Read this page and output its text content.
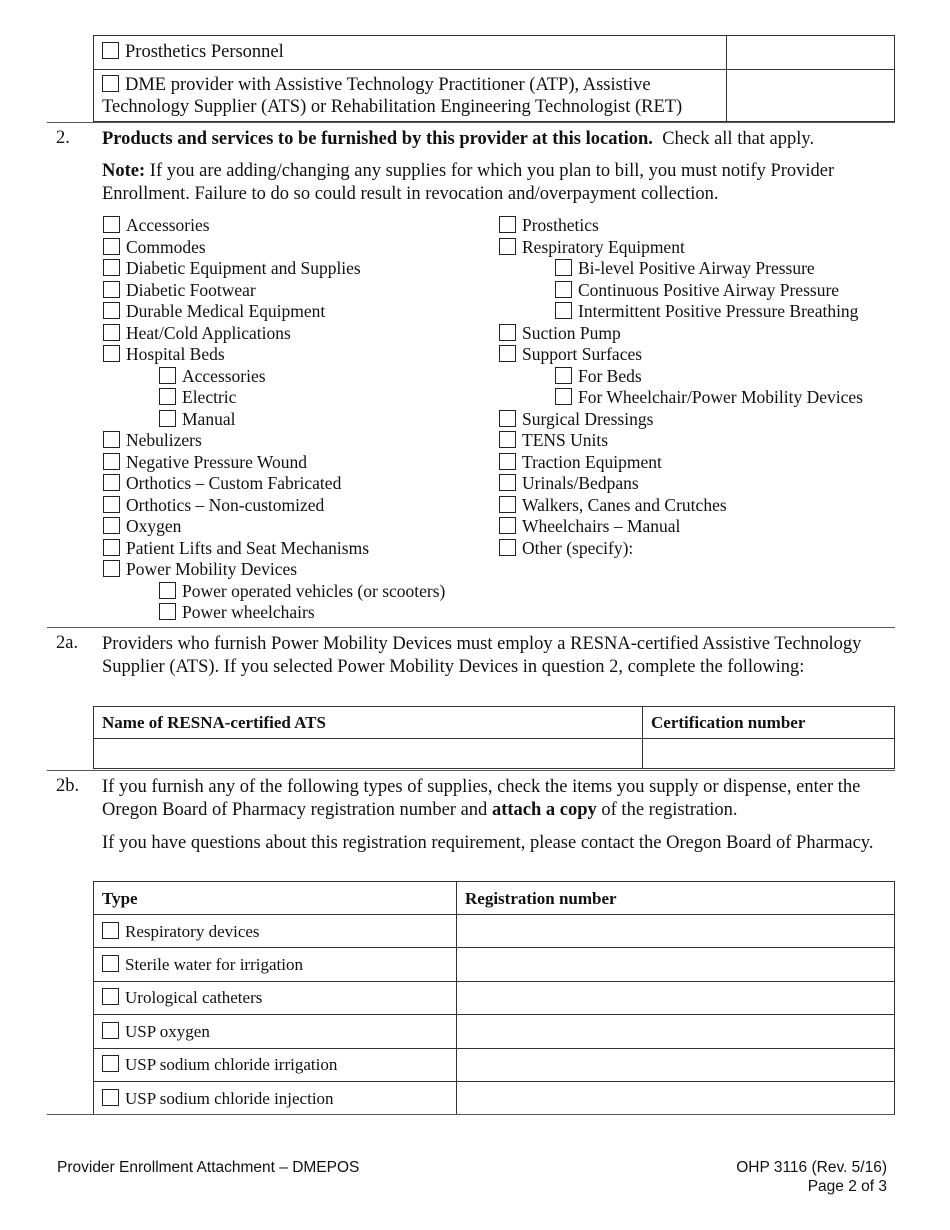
Prosthetics Personnel	
DME provider with Assistive Technology Practitioner (ATP), Assistive Technology Supplier (ATS) or Rehabilitation Engineering Technologist (RET)	
2. Products and services to be furnished by this provider at this location. Check all that apply.
Note: If you are adding/changing any supplies for which you plan to bill, you must notify Provider Enrollment. Failure to do so could result in revocation and/overpayment collection.
Accessories
Commodes
Diabetic Equipment and Supplies
Diabetic Footwear
Durable Medical Equipment
Heat/Cold Applications
Hospital Beds
Accessories
Electric
Manual
Nebulizers
Negative Pressure Wound
Orthotics – Custom Fabricated
Orthotics – Non-customized
Oxygen
Patient Lifts and Seat Mechanisms
Power Mobility Devices
Power operated vehicles (or scooters)
Power wheelchairs
Prosthetics
Respiratory Equipment
Bi-level Positive Airway Pressure
Continuous Positive Airway Pressure
Intermittent Positive Pressure Breathing
Suction Pump
Support Surfaces
For Beds
For Wheelchair/Power Mobility Devices
Surgical Dressings
TENS Units
Traction Equipment
Urinals/Bedpans
Walkers, Canes and Crutches
Wheelchairs – Manual
Other (specify):
2a. Providers who furnish Power Mobility Devices must employ a RESNA-certified Assistive Technology Supplier (ATS). If you selected Power Mobility Devices in question 2, complete the following:
Name of RESNA-certified ATS	Certification number

2b. If you furnish any of the following types of supplies, check the items you supply or dispense, enter the Oregon Board of Pharmacy registration number and attach a copy of the registration.
If you have questions about this registration requirement, please contact the Oregon Board of Pharmacy.
Type	Registration number
Respiratory devices	
Sterile water for irrigation	
Urological catheters	
USP oxygen	
USP sodium chloride irrigation	
USP sodium chloride injection	
Provider Enrollment Attachment – DMEPOS	OHP 3116 (Rev. 5/16)
Page 2 of 3
